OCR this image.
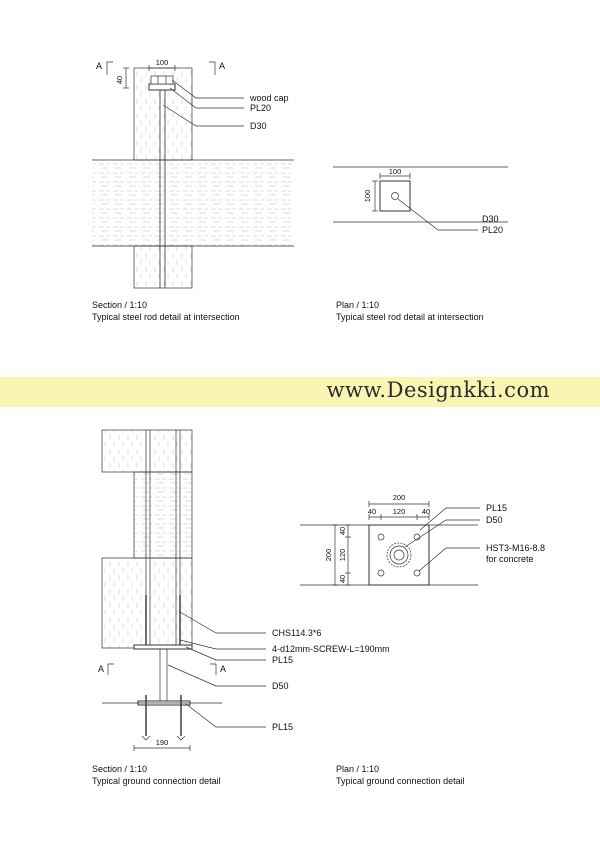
100
40
A	A
wood cap
PL20
D30
Section / 1:10
Typical steel rod detail at intersection
100
100
D30
PL20
Plan / 1:10
Typical steel rod detail at intersection
190
A	A
CHS114.3*6
4-d12mm-SCREW-L=190mm
PL15
D50
PL15
Section / 1:10
Typical ground connection detail
200
40 120 40
200
40
120
40
PL15
D50
HST3-M16-8.8
for concrete
Plan / 1:10
Typical ground connection detail
www.Designkki.com
